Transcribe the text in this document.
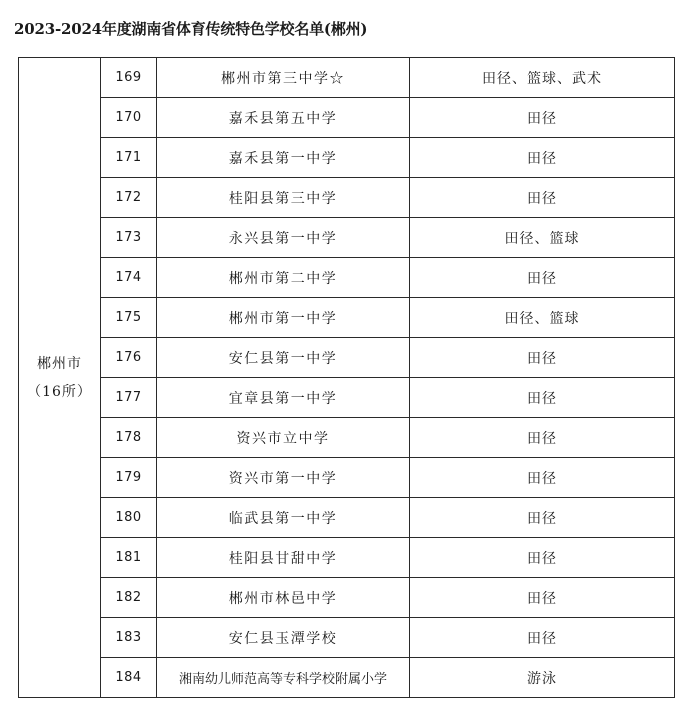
2023-2024年度湖南省体育传统特色学校名单(郴州)
郴州市
（16所）	169	郴州市第三中学☆	田径、篮球、武术
	170	嘉禾县第五中学	田径
	171	嘉禾县第一中学	田径
	172	桂阳县第三中学	田径
	173	永兴县第一中学	田径、篮球
	174	郴州市第二中学	田径
	175	郴州市第一中学	田径、篮球
	176	安仁县第一中学	田径
	177	宜章县第一中学	田径
	178	资兴市立中学	田径
	179	资兴市第一中学	田径
	180	临武县第一中学	田径
	181	桂阳县甘甜中学	田径
	182	郴州市林邑中学	田径
	183	安仁县玉潭学校	田径
	184	湘南幼儿师范高等专科学校附属小学	游泳
